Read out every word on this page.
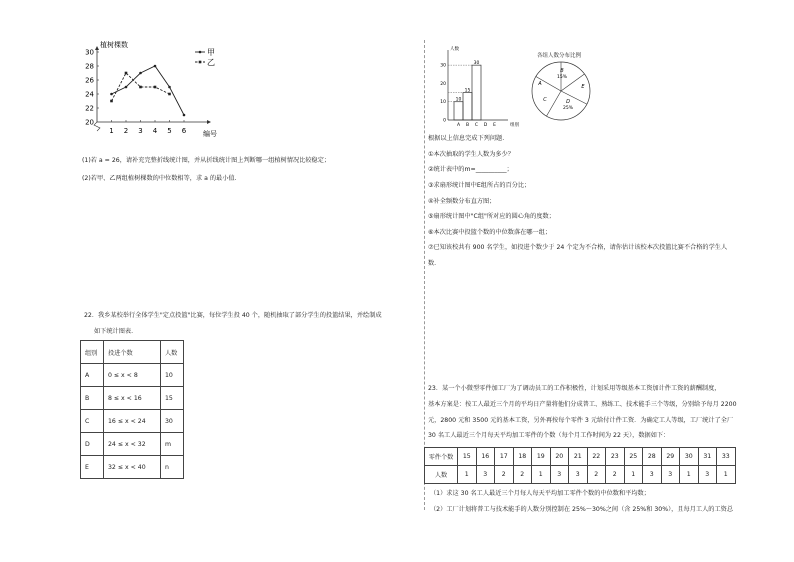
植树棵数
编号
20
22
24
26
28
30
1 2 3 4 5 6
甲
乙
(1)若 a = 26，请补充完整折线统计图，并从折线统计图上判断哪一组植树情况比较稳定；
(2)若甲、乙两组植树棵数的中位数相等，求 a 的最小值.
22．我乡某校举行全体学生"定点投篮"比赛，每位学生投 40 个，随机抽取了部分学生的投篮结果，并绘制成
如下统计图表.
组别	投进个数	人数
A	0 ≤ x < 8	10
B	8 ≤ x < 16	15
C	16 ≤ x < 24	30
D	24 ≤ x < 32	m
E	32 ≤ x < 40	n
人数
组别
0
10
20
30
10
A
15
B
30
C D E
各组人数分布比例
A
B
15%
C	D
25%
E
根据以上信息完成下列问题.
①本次抽取的学生人数为多少？
②统计表中的m=__________；
③求扇形统计图中E组所占的百分比；
④补全频数分布直方图；
⑤扇形统计图中"C组"所对应的圆心角的度数；
⑥本次比赛中投篮个数的中位数落在哪一组；
⑦已知该校共有 900 名学生，如投进个数少于 24 个定为不合格，请你估计该校本次投篮比赛不合格的学生人
数.
23．某一个小微型零件加工厂为了调动员工的工作积极性，计划采用等级基本工资加计件工资的薪酬制度，
基本方案是：按工人最近三个月的平均日产量将他们分成普工、熟练工、技术能手三个等级，分别给予每月 2200
元，2800 元和 3500 元的基本工资，另外再按每个零件 3 元给付计件工资．为确定工人等级，工厂统计了全厂
30 名工人最近三个月每天平均加工零件的个数（每个月工作时间为 22 天），数据如下：
零件个数	15	16	17	18	19	20	21	22	23	25	28	29	30	31	33
人数	1	3	2	2	1	3	3	2	2	1	3	3	1	3	1
（1）求这 30 名工人最近三个月每人每天平均加工零件个数的中位数和平均数；
（2）工厂计划将普工与技术能手的人数分别控制在 25%～30%之间（含 25%和 30%），且每月工人的工资总
